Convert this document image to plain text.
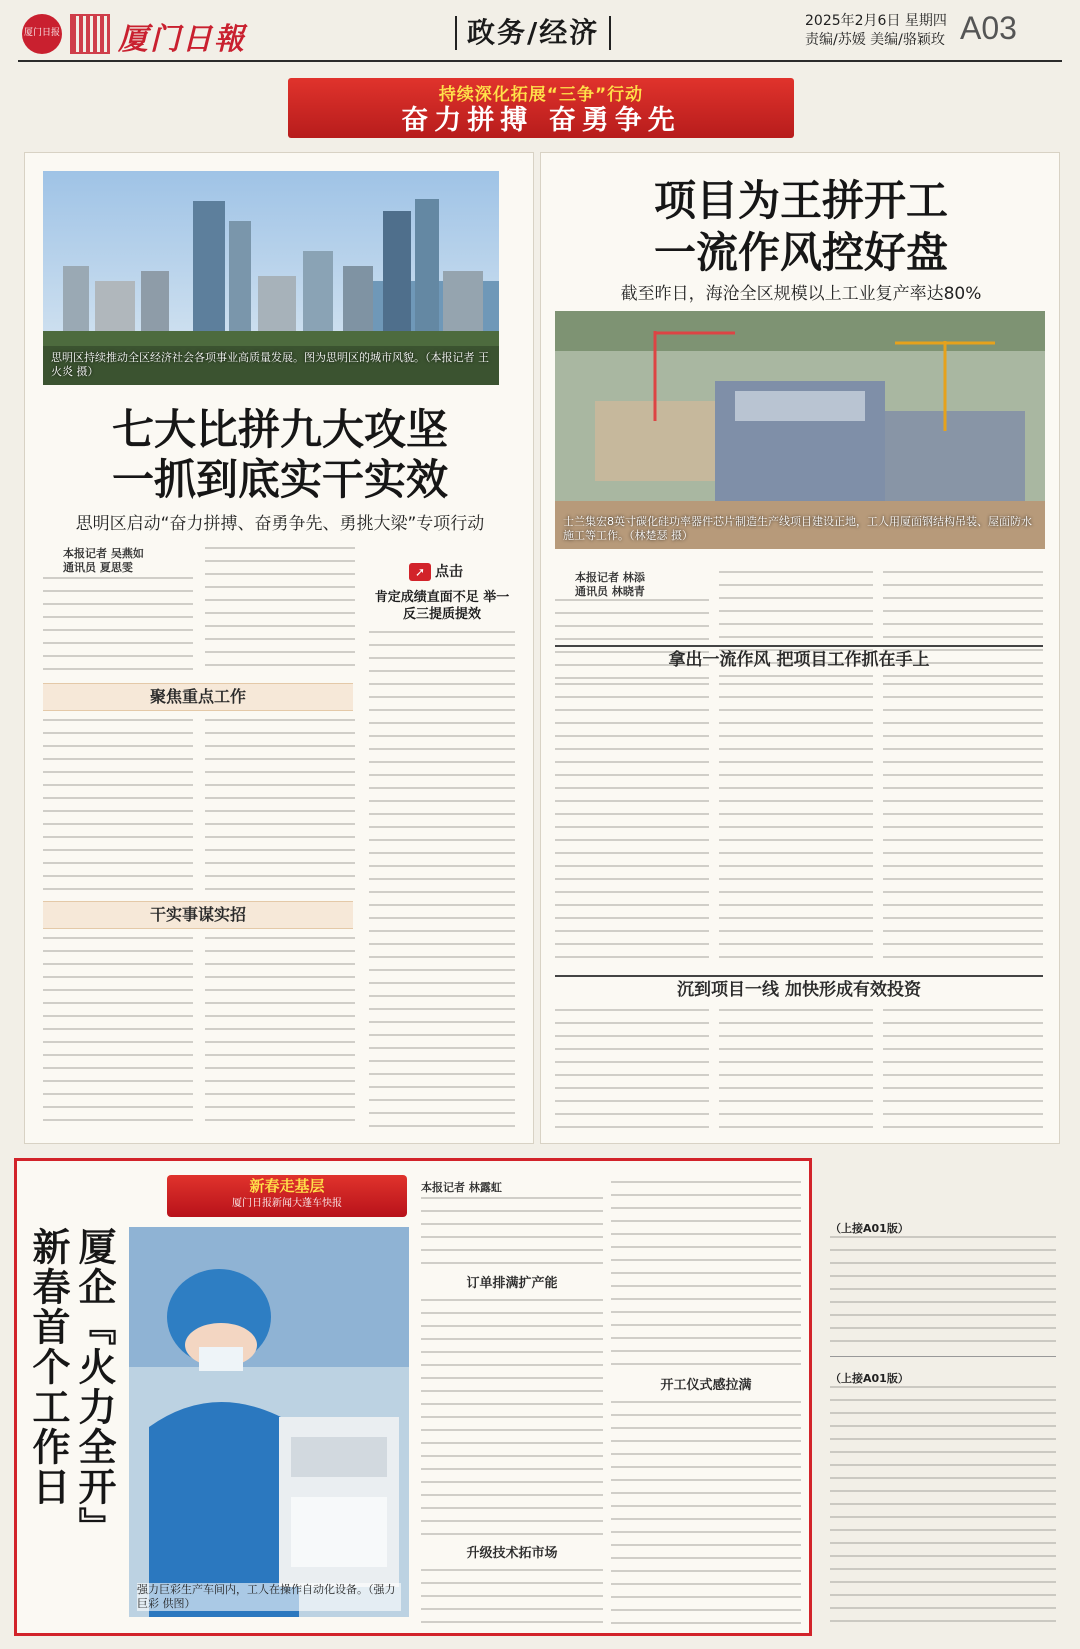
厦门日报 厦门日報	政务/经济	2025年2月6日 星期四
责编/苏媛 美编/骆颖玫 A03
持续深化拓展“三争”行动
奋力拼搏 奋勇争先
思明区持续推动全区经济社会各项事业高质量发展。图为思明区的城市风貌。（本报记者 王火炎 摄）
七大比拼九大攻坚
一抓到底实干实效
思明区启动“奋力拼搏、奋勇争先、勇挑大梁”专项行动
本报记者 吴燕如
通讯员 夏思雯
聚焦重点工作
干实事谋实招
➚ 点击
肯定成绩直面不足 举一反三提质提效
项目为王拼开工
一流作风控好盘
截至昨日，海沧全区规模以上工业复产率达80%
士兰集宏8英寸碳化硅功率器件芯片制造生产线项目建设正地，工人用厦面钢结构吊装、屋面防水施工等工作。（林楚瑟 摄）
本报记者 林添
通讯员 林晓青
拿出一流作风 把项目工作抓在手上
沉到项目一线 加快形成有效投资
新春走基层
厦门日报新闻大蓬车快报
厦企『火力全开』
新春首个工作日
强力巨彩生产车间内，工人在操作自动化设备。（强力巨彩 供图）
本报记者 林露虹
订单排满扩产能
升级技术拓市场
开工仪式感拉满
（上接A01版）
（上接A01版）
